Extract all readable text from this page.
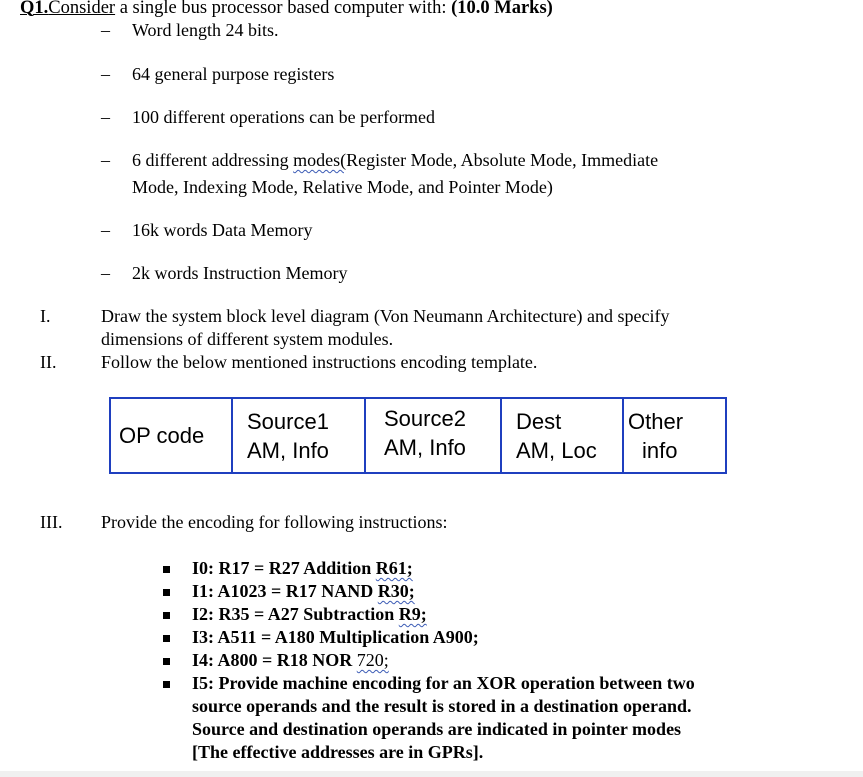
Q1.Consider a single bus processor based computer with: (10.0 Marks)
– Word length 24 bits.
– 64 general purpose registers
– 100 different operations can be performed
– 6 different addressing modes(Register Mode, Absolute Mode, Immediate
Mode, Indexing Mode, Relative Mode, and Pointer Mode)
– 16k words Data Memory
– 2k words Instruction Memory
I.	Draw the system block level diagram (Von Neumann Architecture) and specify
dimensions of different system modules.
II. Follow the below mentioned instructions encoding template.
OP code
Source1
AM, Info
Source2
AM, Info
Dest
AM, Loc
Other
info
III. Provide the encoding for following instructions:
I0: R17 = R27 Addition R61;
I1: A1023 = R17 NAND R30;
I2: R35 = A27 Subtraction R9;
I3: A511 = A180 Multiplication A900;
I4: A800 = R18 NOR 720;
I5: Provide machine encoding for an XOR operation between two
source operands and the result is stored in a destination operand.
Source and destination operands are indicated in pointer modes
[The effective addresses are in GPRs].
